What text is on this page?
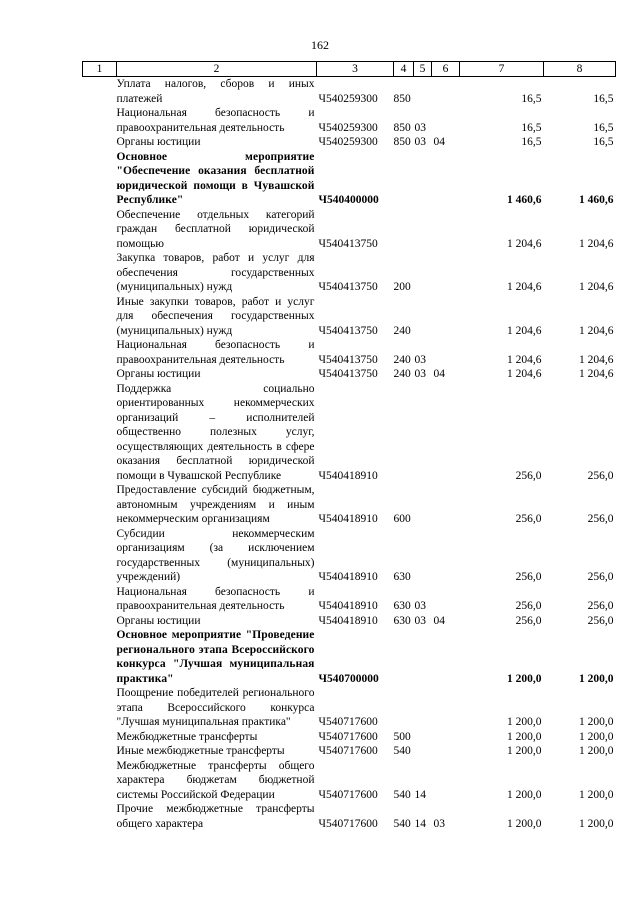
162
1	2	3	4	5	6	7	8
	Уплата налогов, сборов и иных платежей	Ч540259300	850			16,5	16,5
	Национальная безопасность и правоохранительная деятельность	Ч540259300	850	03		16,5	16,5
	Органы юстиции	Ч540259300	850	03	04	16,5	16,5
	Основное мероприятие "Обеспечение оказания бесплатной юридической помощи в Чувашской Республике"	Ч540400000				1 460,6	1 460,6
	Обеспечение отдельных категорий граждан бесплатной юридической помощью	Ч540413750				1 204,6	1 204,6
	Закупка товаров, работ и услуг для обеспечения государственных (муниципальных) нужд	Ч540413750	200			1 204,6	1 204,6
	Иные закупки товаров, работ и услуг для обеспечения государственных (муниципальных) нужд	Ч540413750	240			1 204,6	1 204,6
	Национальная безопасность и правоохранительная деятельность	Ч540413750	240	03		1 204,6	1 204,6
	Органы юстиции	Ч540413750	240	03	04	1 204,6	1 204,6
	Поддержка социально ориентированных некоммерческих организаций – исполнителей общественно полезных услуг, осуществляющих деятельность в сфере оказания бесплатной юридической помощи в Чувашской Республике	Ч540418910				256,0	256,0
	Предоставление субсидий бюджетным, автономным учреждениям и иным некоммерческим организациям	Ч540418910	600			256,0	256,0
	Субсидии некоммерческим организациям (за исключением государственных (муниципальных) учреждений)	Ч540418910	630			256,0	256,0
	Национальная безопасность и правоохранительная деятельность	Ч540418910	630	03		256,0	256,0
	Органы юстиции	Ч540418910	630	03	04	256,0	256,0
	Основное мероприятие "Проведение регионального этапа Всероссийского конкурса "Лучшая муниципальная практика"	Ч540700000				1 200,0	1 200,0
	Поощрение победителей регионального этапа Всероссийского конкурса "Лучшая муниципальная практика"	Ч540717600				1 200,0	1 200,0
	Межбюджетные трансферты	Ч540717600	500			1 200,0	1 200,0
	Иные межбюджетные трансферты	Ч540717600	540			1 200,0	1 200,0
	Межбюджетные трансферты общего характера бюджетам бюджетной системы Российской Федерации	Ч540717600	540	14		1 200,0	1 200,0
	Прочие межбюджетные трансферты общего характера	Ч540717600	540	14	03	1 200,0	1 200,0
